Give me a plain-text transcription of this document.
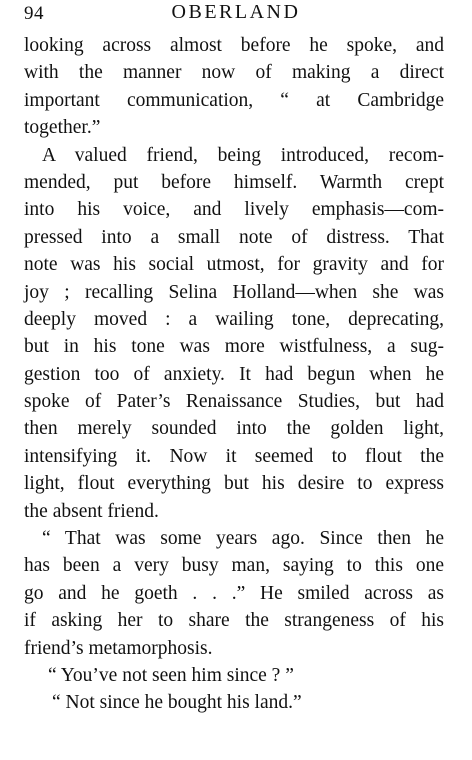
94	OBERLAND
looking across almost before he spoke, and
with the manner now of making a direct
important communication, “ at Cambridge
together.”
A valued friend, being introduced, recom-
mended, put before himself. Warmth crept
into his voice, and lively emphasis—com-
pressed into a small note of distress. That
note was his social utmost, for gravity and for
joy ; recalling Selina Holland—when she was
deeply moved : a wailing tone, deprecating,
but in his tone was more wistfulness, a sug-
gestion too of anxiety. It had begun when he
spoke of Pater’s Renaissance Studies, but had
then merely sounded into the golden light,
intensifying it. Now it seemed to flout the
light, flout everything but his desire to express
the absent friend.
“ That was some years ago. Since then he
has been a very busy man, saying to this one
go and he goeth . . .” He smiled across as
if asking her to share the strangeness of his
friend’s metamorphosis.
“ You’ve not seen him since ? ”
“ Not since he bought his land.”
